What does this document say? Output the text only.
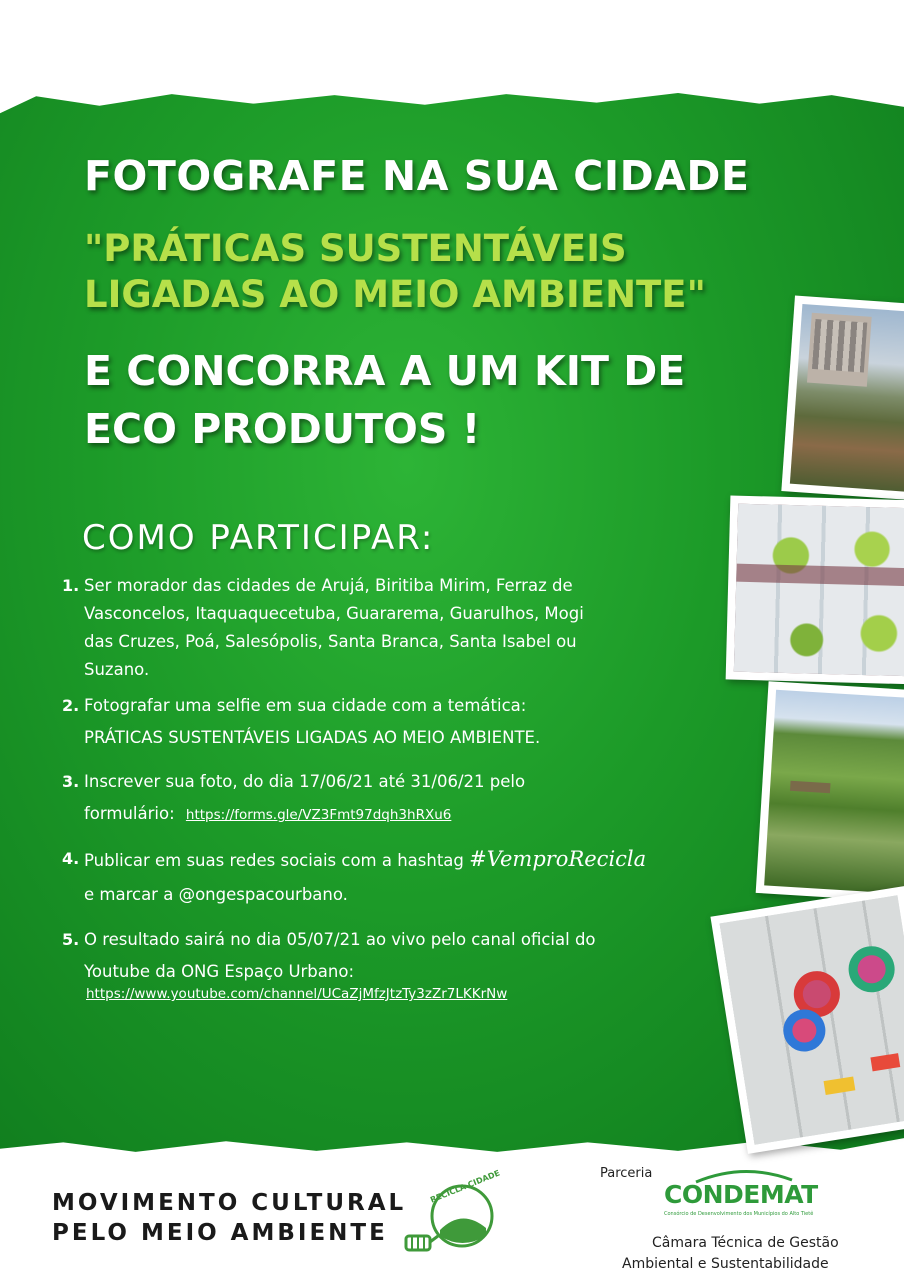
FOTOGRAFE NA SUA CIDADE
"PRÁTICAS SUSTENTÁVEIS
LIGADAS AO MEIO AMBIENTE"
E CONCORRA A UM KIT DE
ECO PRODUTOS !
COMO PARTICIPAR:
1. Ser morador das cidades de Arujá, Biritiba Mirim, Ferraz de
Vasconcelos, Itaquaquecetuba, Guararema, Guarulhos, Mogi
das Cruzes, Poá, Salesópolis, Santa Branca, Santa Isabel ou
Suzano.
2. Fotografar uma selfie em sua cidade com a temática:
PRÁTICAS SUSTENTÁVEIS LIGADAS AO MEIO AMBIENTE.
3. Inscrever sua foto, do dia 17/06/21 até 31/06/21 pelo
formulário: https://forms.gle/VZ3Fmt97dqh3hRXu6
4. Publicar em suas redes sociais com a hashtag #VemproRecicla
e marcar a @ongespacourbano.
5. O resultado sairá no dia 05/07/21 ao vivo pelo canal oficial do
Youtube da ONG Espaço Urbano:
https://www.youtube.com/channel/UCaZjMfzJtzTy3zZr7LKKrNw
MOVIMENTO CULTURAL
PELO MEIO AMBIENTE
RECICLA CIDADE	Parceria
CONDEMAT
Consórcio de Desenvolvimento dos Municípios do Alto Tietê
Câmara Técnica de Gestão
Ambiental e Sustentabilidade
